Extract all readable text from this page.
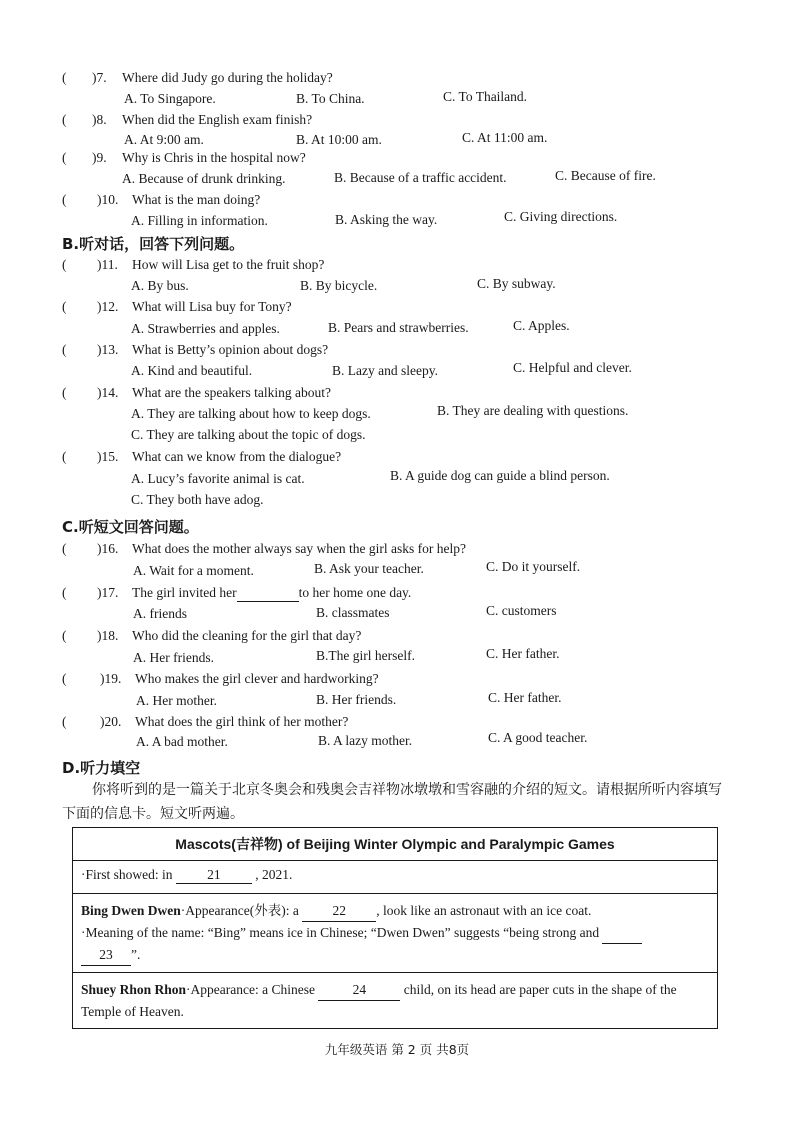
( )7. Where did Judy go during the holiday?
A. To Singapore.	B. To China.	C. To Thailand.
( )8. When did the English exam finish?
A. At 9:00 am.	B. At 10:00 am.	C. At 11:00 am.
( )9. Why is Chris in the hospital now?
A. Because of drunk drinking.	B. Because of a traffic accident.	C. Because of fire.
( )10. What is the man doing?
A. Filling in information.	B. Asking the way.	C. Giving directions.
B.听对话，回答下列问题。
( )11. How will Lisa get to the fruit shop?
A. By bus.	B. By bicycle.	C. By subway.
( )12. What will Lisa buy for Tony?
A. Strawberries and apples.	B. Pears and strawberries.	C. Apples.
( )13. What is Betty’s opinion about dogs?
A. Kind and beautiful.	B. Lazy and sleepy.	C. Helpful and clever.
( )14. What are the speakers talking about?
A. They are talking about how to keep dogs.	B. They are dealing with questions.
C. They are talking about the topic of dogs.
( )15. What can we know from the dialogue?
A. Lucy’s favorite animal is cat.	B. A guide dog can guide a blind person.
C. They both have adog.
C.听短文回答问题。
( )16. What does the mother always say when the girl asks for help?
A. Wait for a moment.	B. Ask your teacher.	C. Do it yourself.
( )17. The girl invited her	to her home one day.
A. friends	B. classmates	C. customers
( )18. Who did the cleaning for the girl that day?
A. Her friends.	B.The girl herself.	C. Her father.
( )19. Who makes the girl clever and hardworking?
A. Her mother.	B. Her friends.	C. Her father.
( )20. What does the girl think of her mother?
A. A bad mother.	B. A lazy mother.	C. A good teacher.
D.听力填空
你将听到的是一篇关于北京冬奥会和残奥会吉祥物冰墩墩和雪容融的介绍的短文。请根据所听内容填写下面的信息卡。短文听两遍。
Mascots(吉祥物) of Beijing Winter Olympic and Paralympic Games
·First showed: in	21	, 2021.
Bing Dwen Dwen·Appearance(外表): a 22 , look like an astronaut with an ice coat.
·Meaning of the name: “Bing” means ice in Chinese; “Dwen Dwen” suggests “being strong and
23 ”.
Shuey Rhon Rhon·Appearance: a Chinese	24	child, on its head are paper cuts in the shape of the Temple of Heaven.
九年级英语 第 2 页 共8页
